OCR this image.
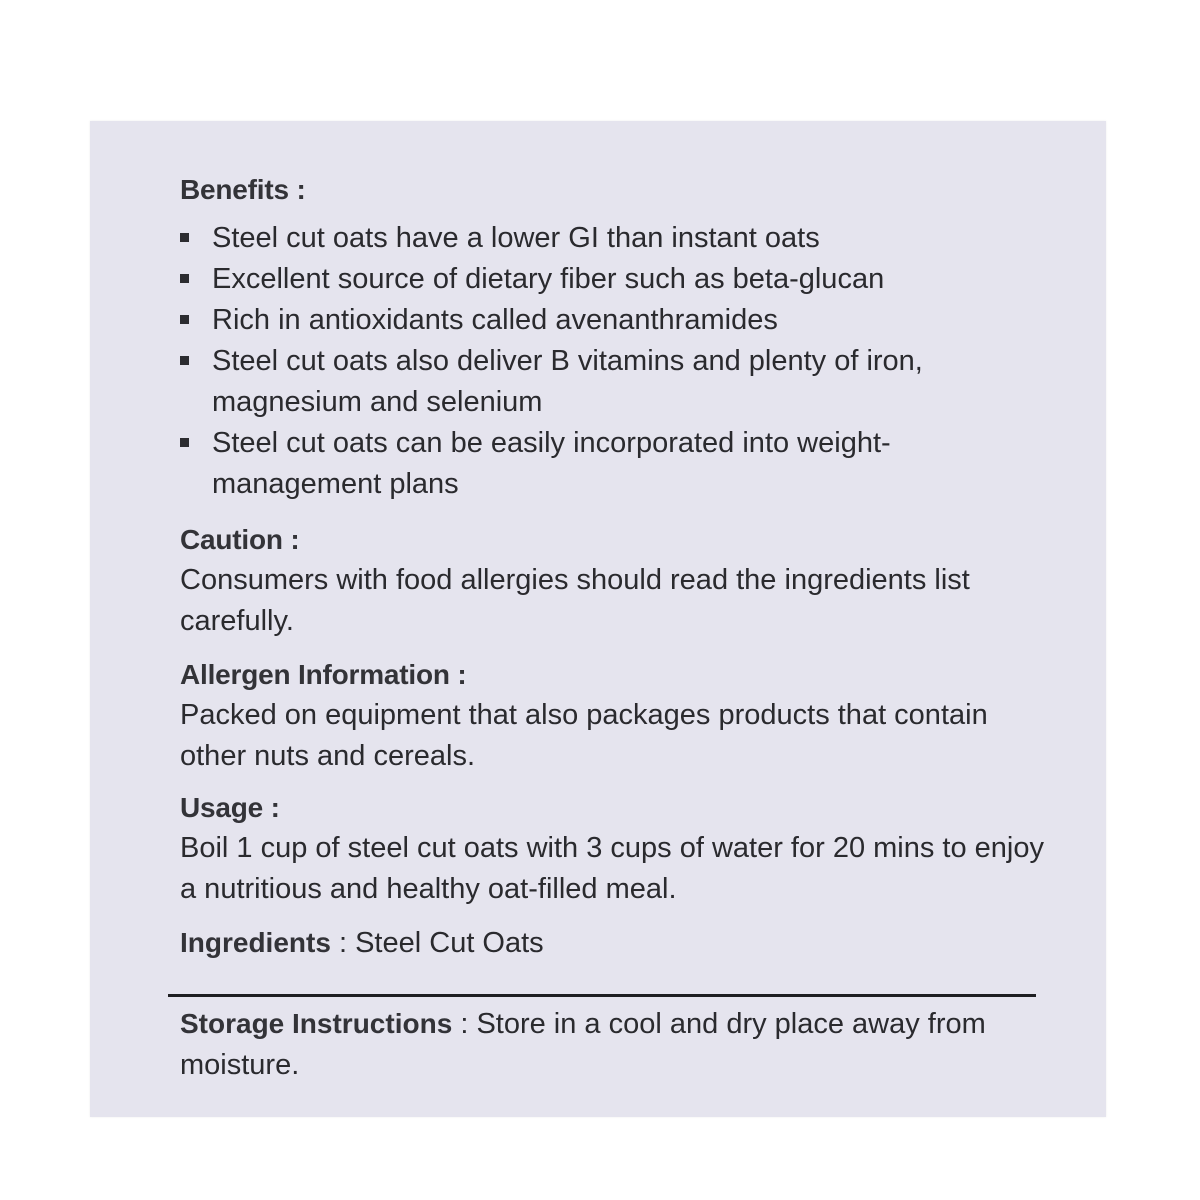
Benefits :
Steel cut oats have a lower GI than instant oats
Excellent source of dietary fiber such as beta-glucan
Rich in antioxidants called avenanthramides
Steel cut oats also deliver B vitamins and plenty of iron, magnesium and selenium
Steel cut oats can be easily incorporated into weight-management plans
Caution :
Consumers with food allergies should read the ingredients list carefully.
Allergen Information :
Packed on equipment that also packages products that contain other nuts and cereals.
Usage :
Boil 1 cup of steel cut oats with 3 cups of water for 20 mins to enjoy a nutritious and healthy oat-filled meal.
Ingredients : Steel Cut Oats
Storage Instructions : Store in a cool and dry place away from moisture.
